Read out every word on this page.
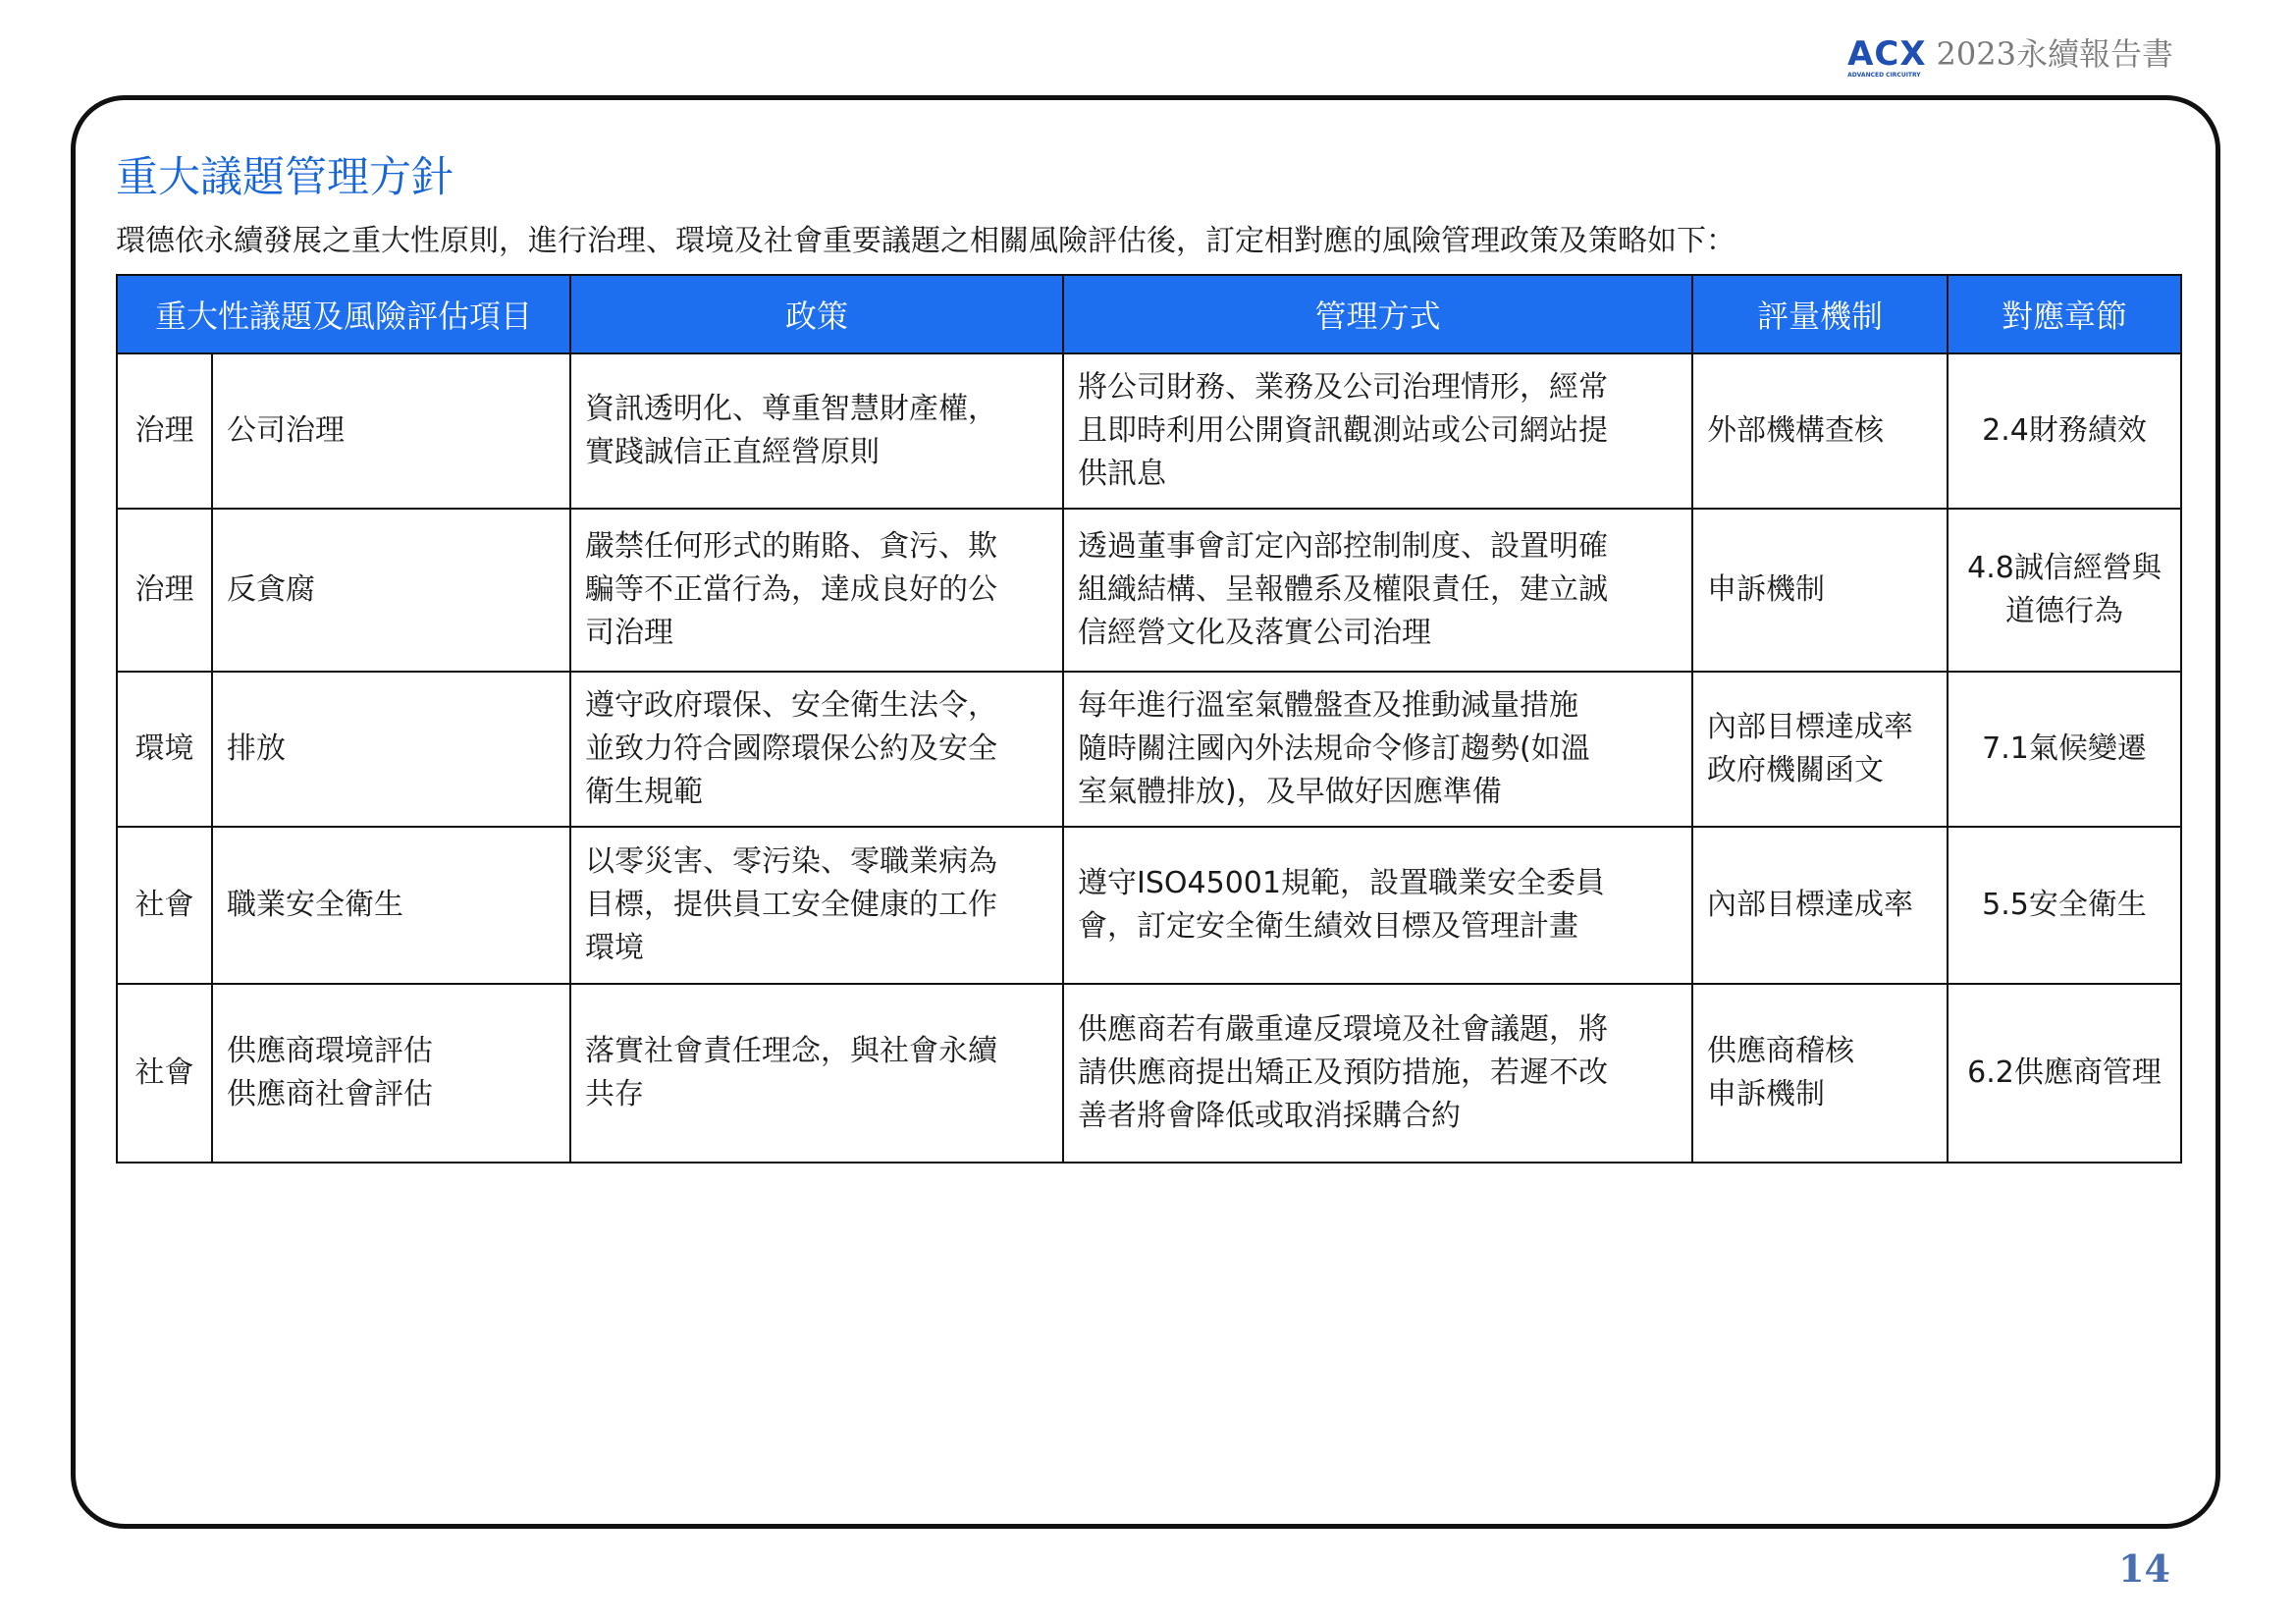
ACX
ADVANCED CIRCUITRY
2023永續報告書
重大議題管理方針
環德依永續發展之重大性原則，進行治理、環境及社會重要議題之相關風險評估後，訂定相對應的風險管理政策及策略如下：
重大性議題及風險評估項目		政策	管理方式	評量機制	對應章節
治理	公司治理	資訊透明化、尊重智慧財產權，
實踐誠信正直經營原則	將公司財務、業務及公司治理情形，經常
且即時利用公開資訊觀測站或公司網站提
供訊息	外部機構查核	2.4財務績效
治理	反貪腐	嚴禁任何形式的賄賂、貪污、欺
騙等不正當行為，達成良好的公
司治理	透過董事會訂定內部控制制度、設置明確
組織結構、呈報體系及權限責任，建立誠
信經營文化及落實公司治理	申訴機制	4.8誠信經營與
道德行為
環境	排放	遵守政府環保、安全衛生法令，
並致力符合國際環保公約及安全
衛生規範	每年進行溫室氣體盤查及推動減量措施
隨時關注國內外法規命令修訂趨勢(如溫
室氣體排放)，及早做好因應準備	內部目標達成率
政府機關函文	7.1氣候變遷
社會	職業安全衛生	以零災害、零污染、零職業病為
目標，提供員工安全健康的工作
環境	遵守ISO45001規範，設置職業安全委員
會，訂定安全衛生績效目標及管理計畫	內部目標達成率	5.5安全衛生
社會	供應商環境評估
供應商社會評估	落實社會責任理念，與社會永續
共存	供應商若有嚴重違反環境及社會議題，將
請供應商提出矯正及預防措施，若遲不改
善者將會降低或取消採購合約	供應商稽核
申訴機制	6.2供應商管理
14
